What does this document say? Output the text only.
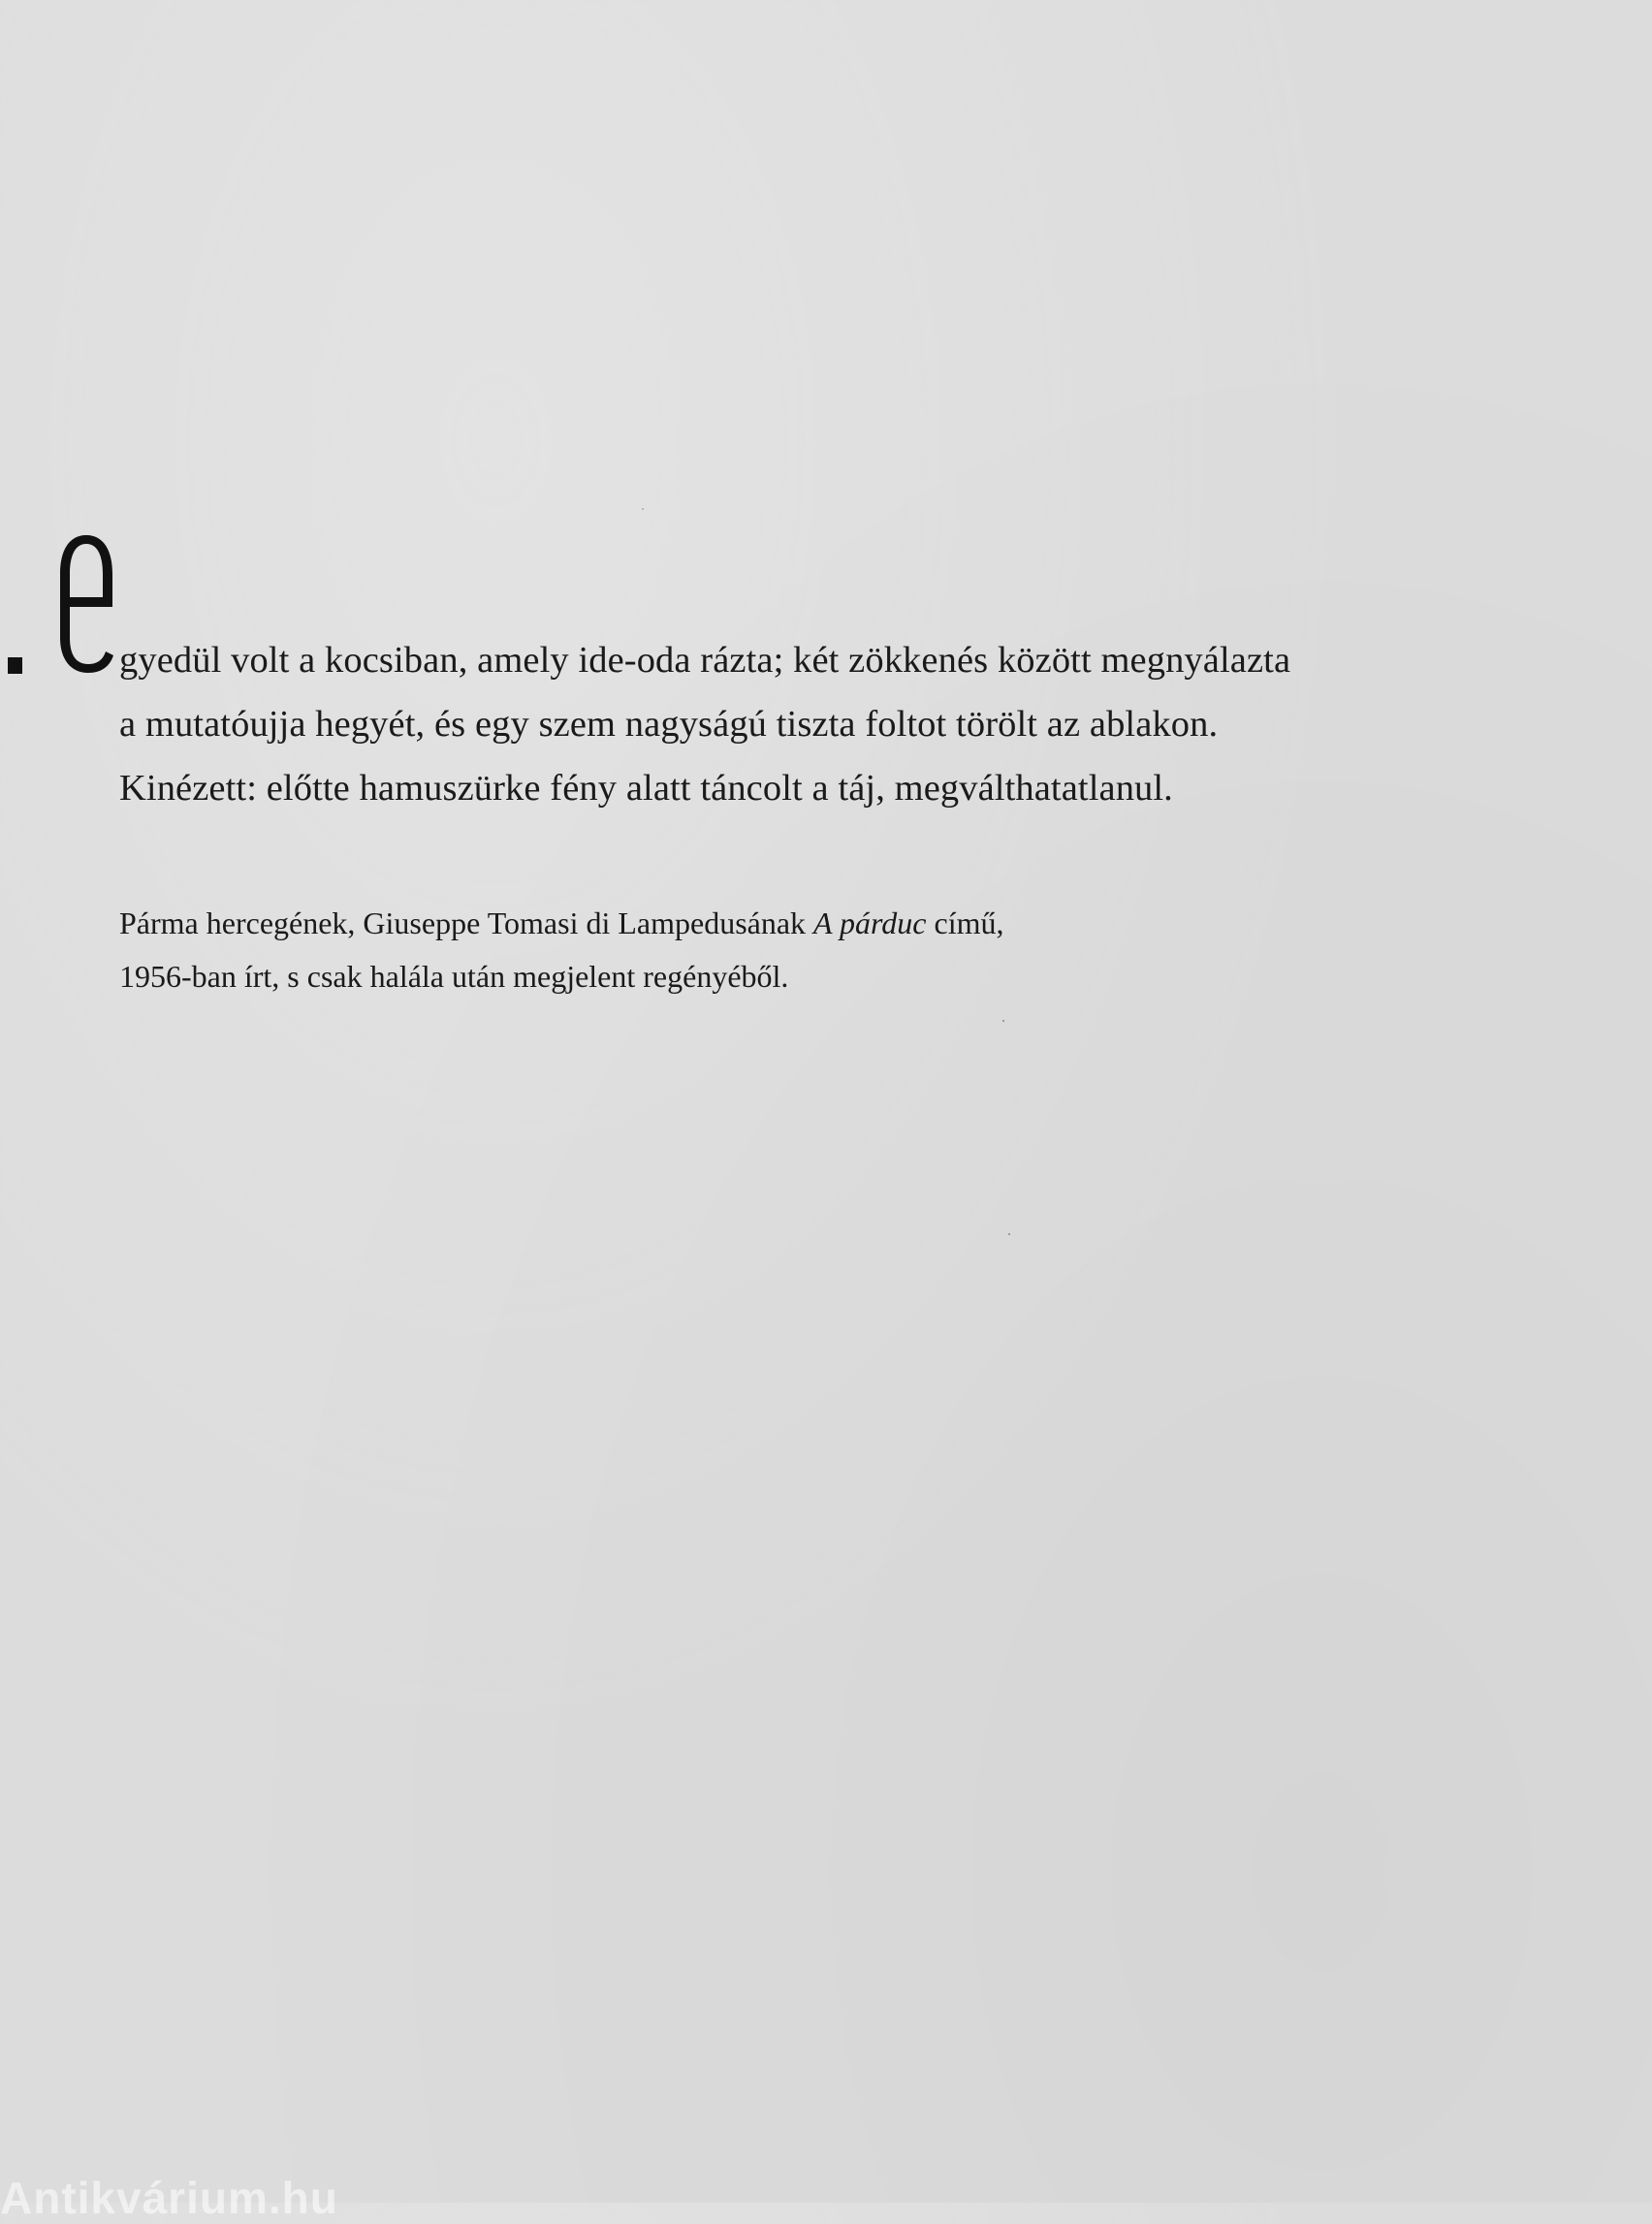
gyedül volt a kocsiban, amely ide-oda rázta; két zökkenés között megnyálazta
a mutatóujja hegyét, és egy szem nagyságú tiszta foltot törölt az ablakon.
Kinézett: előtte hamuszürke fény alatt táncolt a táj, megválthatatlanul.
Párma hercegének, Giuseppe Tomasi di Lampedusának A párduc című,
1956-ban írt, s csak halála után megjelent regényéből.
Antikvárium.hu
